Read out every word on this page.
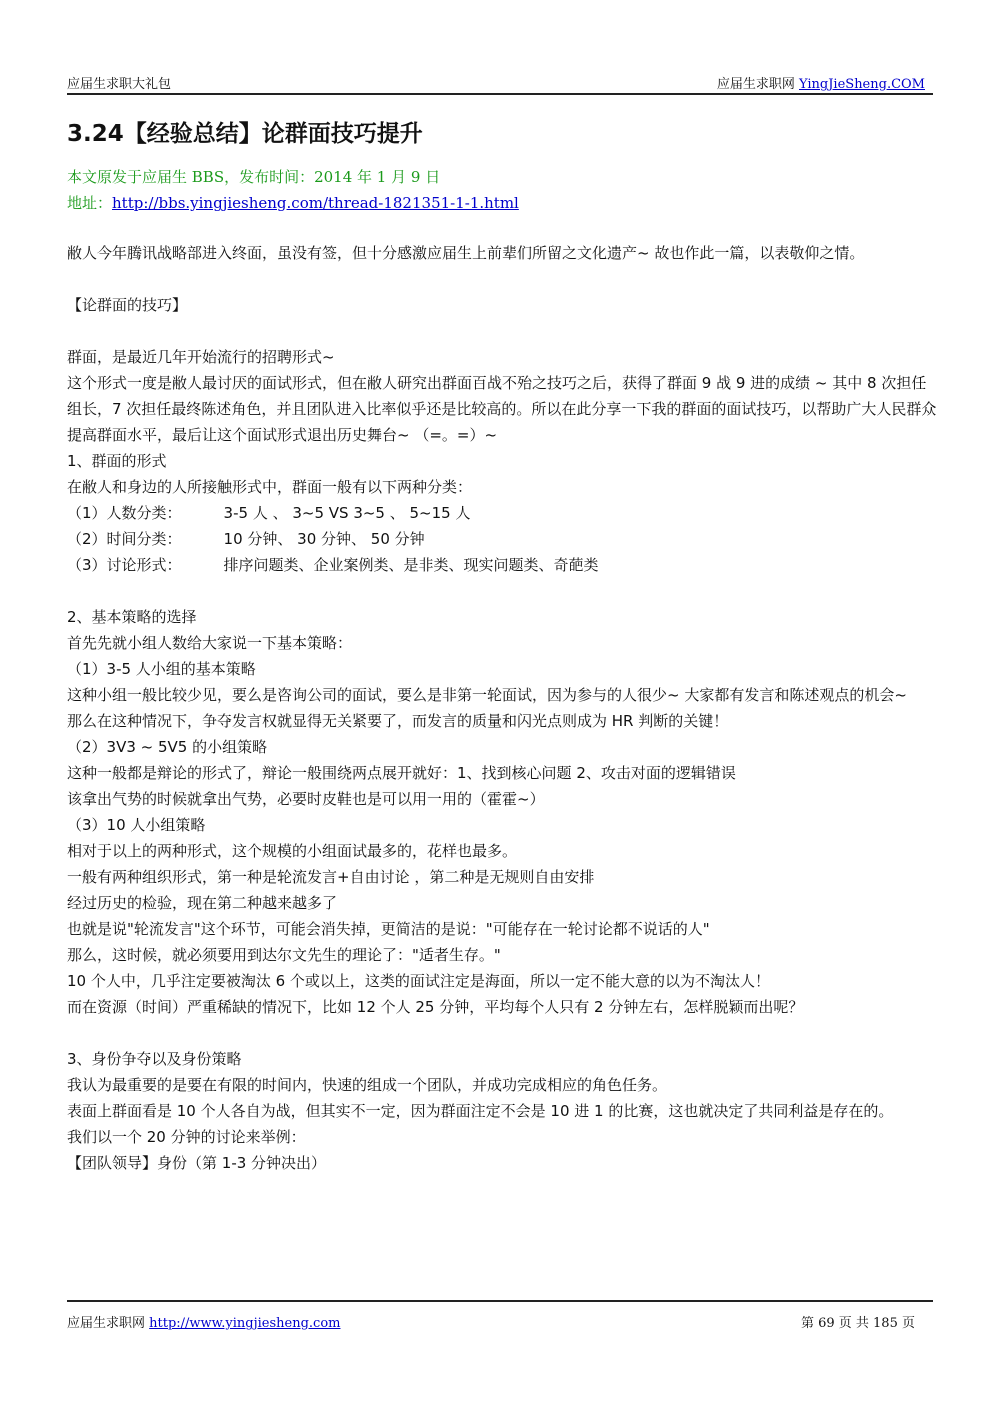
应届生求职大礼包	应届生求职网 YingJieSheng.COM
3.24【经验总结】论群面技巧提升
本文原发于应届生 BBS，发布时间：2014 年 1 月 9 日
地址：http://bbs.yingjiesheng.com/thread-1821351-1-1.html

敝人今年腾讯战略部进入终面，虽没有签，但十分感激应届生上前辈们所留之文化遗产~ 故也作此一篇，以表敬仰之情。

【论群面的技巧】

群面，是最近几年开始流行的招聘形式~

这个形式一度是敝人最讨厌的面试形式，但在敝人研究出群面百战不殆之技巧之后，获得了群面 9 战 9 进的成绩 ~ 其中 8 次担任组长，7 次担任最终陈述角色，并且团队进入比率似乎还是比较高的。所以在此分享一下我的群面的面试技巧，以帮助广大人民群众提高群面水平，最后让这个面试形式退出历史舞台~ （=。=）~

1、群面的形式

在敝人和身边的人所接触形式中，群面一般有以下两种分类：

（1）人数分类：	3-5 人 、 3~5 VS 3~5 、 5~15 人

（2）时间分类：	10 分钟、 30 分钟、 50 分钟

（3）讨论形式：	排序问题类、企业案例类、是非类、现实问题类、奇葩类

2、基本策略的选择

首先先就小组人数给大家说一下基本策略：

（1）3-5 人小组的基本策略

这种小组一般比较少见，要么是咨询公司的面试，要么是非第一轮面试，因为参与的人很少~ 大家都有发言和陈述观点的机会~

那么在这种情况下，争夺发言权就显得无关紧要了，而发言的质量和闪光点则成为 HR 判断的关键！

（2）3V3 ~ 5V5 的小组策略

这种一般都是辩论的形式了，辩论一般围绕两点展开就好：1、找到核心问题 2、攻击对面的逻辑错误

该拿出气势的时候就拿出气势，必要时皮鞋也是可以用一用的（霍霍~）

（3）10 人小组策略

相对于以上的两种形式，这个规模的小组面试最多的，花样也最多。

一般有两种组织形式，第一种是轮流发言+自由讨论 ，第二种是无规则自由安排

经过历史的检验，现在第二种越来越多了

也就是说"轮流发言"这个环节，可能会消失掉，更简洁的是说："可能存在一轮讨论都不说话的人"

那么，这时候，就必须要用到达尔文先生的理论了："适者生存。"

10 个人中，几乎注定要被淘汰 6 个或以上，这类的面试注定是海面，所以一定不能大意的以为不淘汰人！

而在资源（时间）严重稀缺的情况下，比如 12 个人 25 分钟，平均每个人只有 2 分钟左右，怎样脱颖而出呢？

3、身份争夺以及身份策略

我认为最重要的是要在有限的时间内，快速的组成一个团队，并成功完成相应的角色任务。

表面上群面看是 10 个人各自为战，但其实不一定，因为群面注定不会是 10 进 1 的比赛，这也就决定了共同利益是存在的。

我们以一个 20 分钟的讨论来举例：

【团队领导】身份（第 1-3 分钟决出）

应届生求职网 http://www.yingjiesheng.com	第 69 页 共 185 页
